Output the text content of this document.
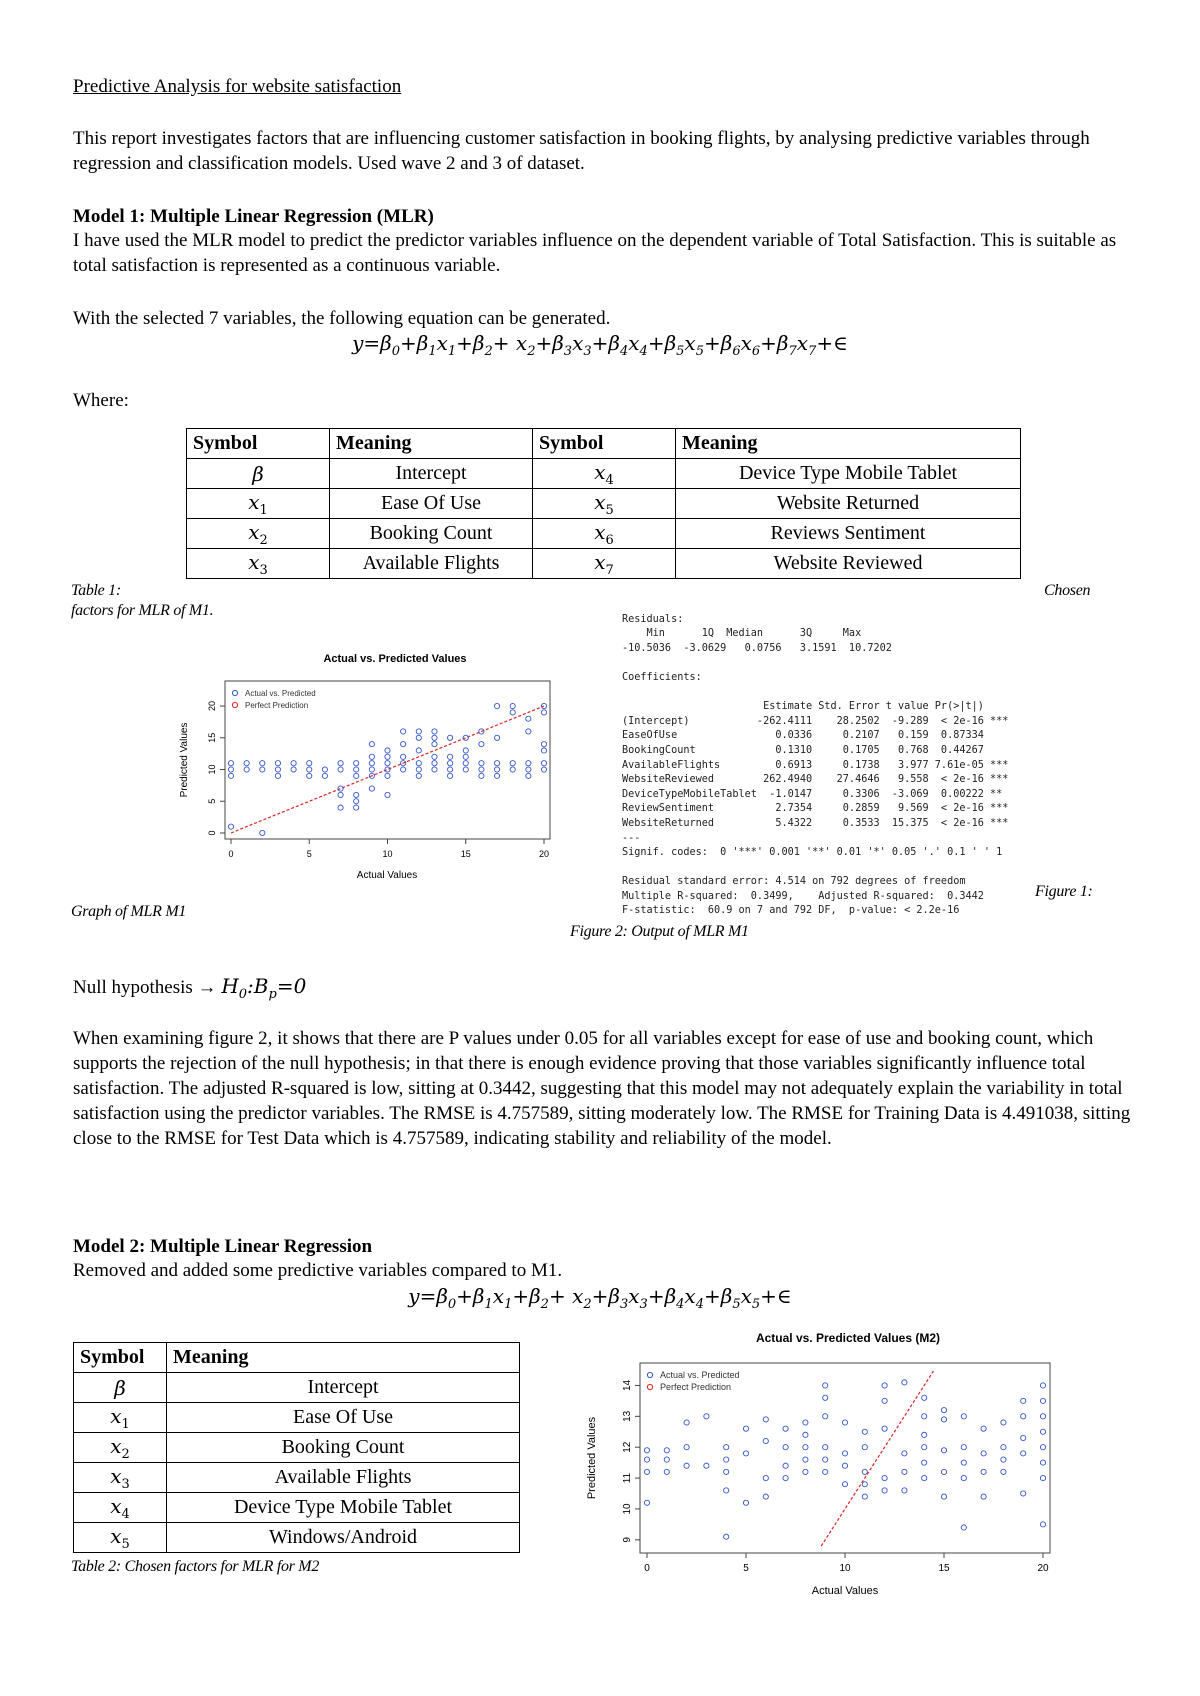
Predictive Analysis for website satisfaction
This report investigates factors that are influencing customer satisfaction in booking flights, by analysing predictive variables through regression and classification models. Used wave 2 and 3 of dataset.
Model 1: Multiple Linear Regression (MLR)
I have used the MLR model to predict the predictor variables influence on the dependent variable of Total Satisfaction. This is suitable as total satisfaction is represented as a continuous variable.
With the selected 7 variables, the following equation can be generated.
$y=\beta_0+\beta_1x_1+\beta_2+$ $x_2+\beta_3x_3+\beta_4x_4+\beta_5x_5+\beta_6x_6+\beta_7x_7+\in$
Where:
Symbol	Meaning	Symbol	Meaning
β	Intercept	$x_4$	Device Type Mobile Tablet
$x_1$	Ease Of Use	$x_5$	Website Returned
$x_2$	Booking Count	$x_6$	Reviews Sentiment
$x_3$	Available Flights	$x_7$	Website Reviewed
Table 1:	Chosen
factors for MLR of M1.
Actual vs. Predicted Values
0	5	10	15	20
0
5
10
15
20
Actual vs. Predicted
Perfect Prediction
Actual Values
Predicted Values

Residuals:
Min      1Q  Median      3Q     Max
-10.5036  -3.0629   0.0756   3.1591  10.7202
Coefficients:
Estimate Std. Error t value Pr(>|t|)
(Intercept)           -262.4111    28.2502  -9.289  < 2e-16 ***
EaseOfUse                0.0336     0.2107   0.159  0.87334
BookingCount             0.1310     0.1705   0.768  0.44267
AvailableFlights         0.6913     0.1738   3.977 7.61e-05 ***
WebsiteReviewed        262.4940    27.4646   9.558  < 2e-16 ***
DeviceTypeMobileTablet  -1.0147     0.3306  -3.069  0.00222 **
ReviewSentiment          2.7354     0.2859   9.569  < 2e-16 ***
WebsiteReturned          5.4322     0.3533  15.375  < 2e-16 ***
---
Signif. codes:  0 '***' 0.001 '**' 0.01 '*' 0.05 '.' 0.1 ' ' 1
Residual standard error: 4.514 on 792 degrees of freedom
Multiple R-squared:  0.3499,    Adjusted R-squared:  0.3442
F-statistic:  60.9 on 7 and 792 DF,  p-value: < 2.2e-16

Figure 1:
Graph of MLR M1
Figure 2: Output of MLR M1
Null hypothesis → $H_0:B_p=0$
When examining figure 2, it shows that there are P values under 0.05 for all variables except for ease of use and booking count, which supports the rejection of the null hypothesis; in that there is enough evidence proving that those variables significantly influence total satisfaction. The adjusted R-squared is low, sitting at 0.3442, suggesting that this model may not adequately explain the variability in total satisfaction using the predictor variables. The RMSE is 4.757589, sitting moderately low. The RMSE for Training Data is 4.491038, sitting close to the RMSE for Test Data which is 4.757589, indicating stability and reliability of the model.
Model 2: Multiple Linear Regression
Removed and added some predictive variables compared to M1.
$y=\beta_0+\beta_1x_1+\beta_2+$ $x_2+\beta_3x_3+\beta_4x_4+\beta_5x_5+\in$
Symbol	Meaning
β	Intercept
$x_1$	Ease Of Use
$x_2$	Booking Count
$x_3$	Available Flights
$x_4$	Device Type Mobile Tablet
$x_5$	Windows/Android
Table 2: Chosen factors for MLR for M2
Actual vs. Predicted Values (M2)
0	5	10	15	20
9
10
11
12
13
14
Actual vs. Predicted
Perfect Prediction
Actual Values
Predicted Values
